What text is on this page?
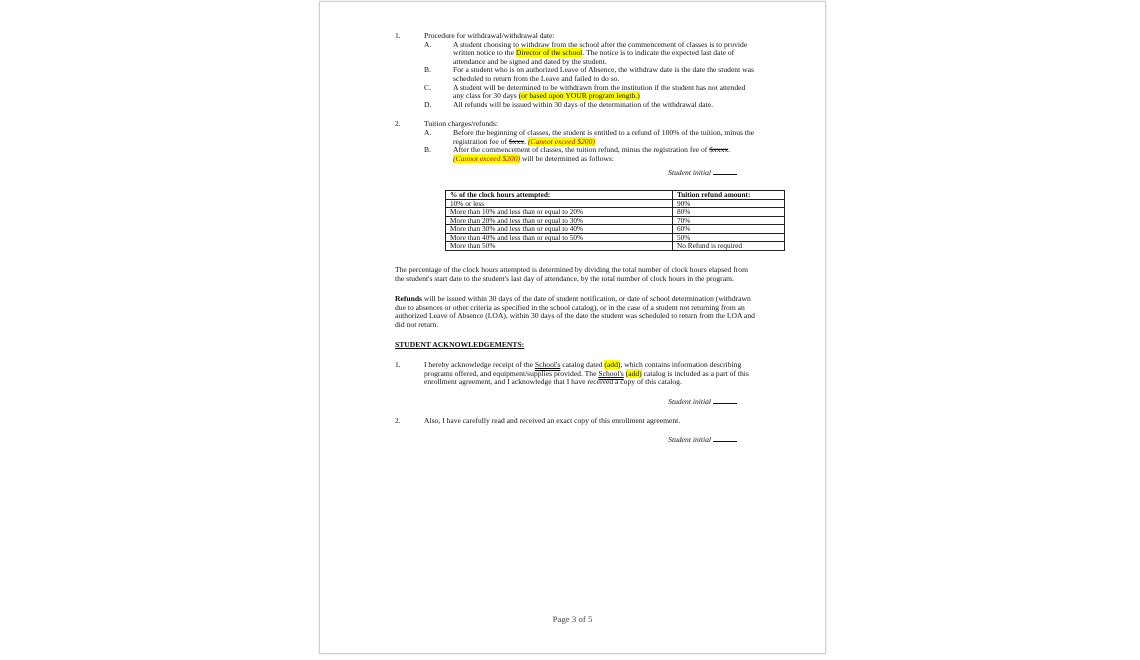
1.	Procedure for withdrawal/withdrawal date:
A.	A student choosing to withdraw from the school after the commencement of classes is to provide written notice to the Director of the school. The notice is to indicate the expected last date of attendance and be signed and dated by the student.
B.	For a student who is on authorized Leave of Absence, the withdraw date is the date the student was scheduled to return from the Leave and failed to do so.
C.	A student will be determined to be withdrawn from the institution if the student has not attended any class for 30 days (or based upon YOUR program length.)
D.	All refunds will be issued within 30 days of the determination of the withdrawal date.
2.	Tuition charges/refunds:
A.	Before the beginning of classes, the student is entitled to a refund of 100% of the tuition, minus the registration fee of $xxx. (Cannot exceed $200)
B.	After the commencement of classes, the tuition refund, minus the registration fee of $xxxx. (Cannot exceed $200) will be determined as follows:
Student initial
% of the clock hours attempted:	Tuition refund amount:
10% or less	90%
More than 10% and less than or equal to 20%	80%
More than 20% and less than or equal to 30%	70%
More than 30% and less than or equal to 40%	60%
More than 40% and less than or equal to 50%	50%
More than 50%	No Refund is required
The percentage of the clock hours attempted is determined by dividing the total number of clock hours elapsed from the student's start date to the student's last day of attendance, by the total number of clock hours in the program.
Refunds will be issued within 30 days of the date of student notification, or date of school determination (withdrawn due to absences or other criteria as specified in the school catalog), or in the case of a student not returning from an authorized Leave of Absence (LOA), within 30 days of the date the student was scheduled to return from the LOA and did not return.
STUDENT ACKNOWLEDGEMENTS:
1.	I hereby acknowledge receipt of the School's catalog dated (add), which contains information describing programs offered, and equipment/supplies provided. The School's (add) catalog is included as a part of this enrollment agreement, and I acknowledge that I have received a copy of this catalog.
Student initial
2.	Also, I have carefully read and received an exact copy of this enrollment agreement.
Student initial
Page 3 of 5
